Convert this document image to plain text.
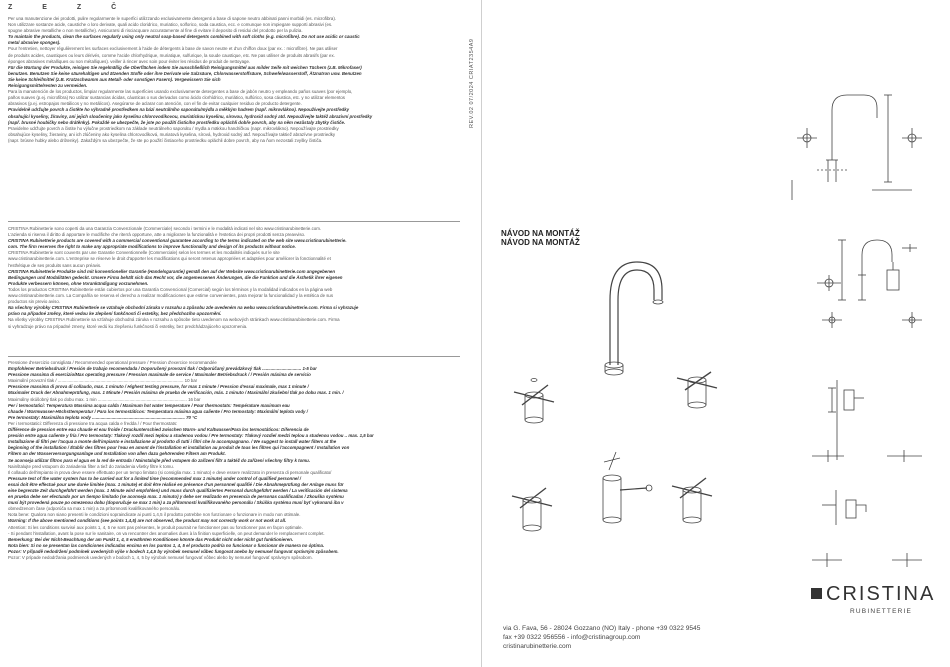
Z	E	Z	Č

Per una manutenzione dei prodotti, pulire regolarmente le superfici utilizzando esclusivamente detergenti a base di sapone neutro abbinati panni morbidi (es. microfibra).

Non utilizzare sostanze acide, caustiche o loro derivate, quali acido cloridrico, muriatico, solforico, soda caustica, ecc. e comunque non impiegare supporti abrasivi (es.

spugne abrasive metalliche o non metalliche). Assicurarsi di risciacquare accuratamente al fine di evitare il deposito di residui del prodotto per la pulizia.

To maintain the products, clean the surfaces regularly using only neutral soap-based detergents combined with soft cloths (e.g. microfibre). Do not use acidic or caustic

metal abrasive sponges).

Pour l'entretien, nettoyer régulièrement les surfaces exclusivement à l'aide de détergents à base de savon neutre et d'un chiffon doux (par ex. : microfibre). Ne pas utiliser

de produits acides, caustiques ou leurs dérivés, comme l'acide chlorhydrique, muriatique, sulfurique, la soude caustique, etc. Ne pas utiliser de produits abrasifs (par ex.

éponges abrasives métalliques ou non métalliques). veiller à rincer avec soin pour éviter les résidus de produit de nettoyage.

Für die Wartung der Produkte, reinigen Sie regelmäßig die Oberflächen indem Sie ausschließlich Reinigungsmittel aus milder Seife mit weichen Tüchern (z.B. Mikrofaser)

benutzen. Benutzen Sie keine säurehaltigen und ätzenden Stoffe oder ihre Derivate wie Salzsäure, Chlorwasserstoffsäure, Schwefelwasserstoff, Ätznatron usw. Benutzen

Sie keine Schleifmittel (z.B. Kratzschwamm aus Metall- oder sonstigen Fasern). Vergewissern Sie sich

Reinigungsmittelresten zu vermeiden.

Para la manutención de los productos, limpiar regularmente las superficies usando exclusivamente detergentes a base de jabón neutro y empleando paños suaves (por ejemplo,

paños suaves (p.ej. microfibra) No utilizar sustancias ácidas, cáusticas o sus derivados como ácido clorhídrico, muriático, sulfúrico, sosa cáustica, etc. y no utilizar elementos

abrasivos (p.ej. estropajos metálicos y no metálicos). Asegúrarse de aclarar con atención, con el fin de evitar cualquier residuo de producto detergente.

Pravidelně udržujte povrch a čistěte ho výhradně prostředkem na bázi neutrálního saponátu/mýdla a měkkým hadrem (např. mikrovlákno). Nepoužívejte prostředky

obsahující kyseliny, žíraviny, ani jejich sloučeniny jako kyselinu chlorovodíkovou, muriatickou kyselinu, sírovou, hydroxid sodný atd. Nepoužívejte taktéž abrazivní prostředky

(např. brusné houbičky nebo drátěnky). Pokaždé se ubezpečte, že jste po použití čisticího prostředku opláchli dobře povrch, aby na něm nezůstaly zbytky čističe.

Pravidelne udržujte povrch a čistite ho výlučne prostriedkom na základe neutrálneho saponátu / mydla a mäkkou handričkou (napr. mikrovlákno). Nepoužívajte prostriedky

obsahujúce kyseliny, žieraviny, ani ich zlúčeniny ako kyselina chlorovodíková, muriatová kyselina, sírová, hydroxid sodný atď. Nepoužívajte taktiež abrazívne prostriedky

(napr. brúsne hubky alebo drôtenky). Zakaždým sa ubezpečte, že ste po použití čistiaceho prostriedku opláchli dobre povrch, aby na ňom nezostali zvyšky čističa.

CRISTINA Rubinetterie sono coperti da una Garanzia Convenzionale (Commerciale) secondo i termini e le modalità indicati nel sito www.cristinarubinetterie.com.

L'azienda si riserva il diritto di apportare le modifiche che riterrà opportune, atte a migliorare la funzionalità e l'estetica dei propri prodotti senza preavviso.

CRISTINA Rubinetterie products are covered with a commercial conventional guarantee according to the terms indicated on the web site www.cristinarubinetterie.

com. The firm reserves the right to make any appropriate modifications to improve functionality and design of its products without notice.

CRISTINA Rubinetterie sont couverts par une Garantie Conventionnelle (Commerciale) selon les termes et les modalités indiqués sur le site

www.cristinarubinetterie.com. L'entreprise se réserve le droit d'apporter les modifications qui seront retenus appropriées et adaptées pour améliorer la fonctionnalité et

l'esthétique de ses produits sans aucun préavis.

CRISTINA Rubinetterie Produkte sind mit konventioneller Garantie (Handelsgarantie) gemäß den auf der Website www.cristinarubinetterie.com angegebenen

Bedingungen und Modalitäten gedeckt. Unsere Firma behält sich das Recht vor, die angemessenen Änderungen, die die Funktion und die Ästhetik ihrer eigenen

Produkte verbessern können, ohne Vorankündigung vorzunehmen.

Todos los productos CRISTINA Rubinetterie están cubiertos por una Garantía Convencional (Comercial) según los términos y la modalidad indicados en la página web

www.cristinarubinetterie.com. La Compañía se reserva el derecho a realizar modificaciones que estime convenientes, para mejorar la funcionalidad y la estética de sus

productos sin previo aviso.

Na všechny výrobky CRISTINA Rubinetterie se vztahuje obchodní záruka v rozsahu a způsobu zde uvedeném na webu www.cristinarubinetterie.com. Firma si vyhrazuje

právo na případné změny, které vedou ke zlepšení funkčnosti či estetiky, bez předchozího upozornění.

Na všetky výrobky CRISTINA Rubinetterie sa vzťahuje obchodná záruka v rozsahu a spôsobe tieto uvedenom na webových stránkach www.cristinarubinetterie.com. Firma

si vyhradzuje právo na prípadné zmeny, ktoré vedú ku zlepšeniu funkčnosti či estetiky, bez predchádzajúceho upozornenia.

Pressione d'esercizio consigliata / Recommended operational pressure / Pression d'exercice recommandée

Empfohlener Betriebsdruck / Presión de trabajo recomendada / Doporučený provozní tlak / Odporúčaný prevádzkový tlak ................................ 1-5 bar

Pressione massima di esercizio/Max operating pressure / Pression maximale de service / Maximaler Betriebsdruck / / Presión máxima de servicio

Maximální provozní tlak / ....................................................................................................... 10 bar

Pressione massima di prova di collaudo, max. 1 minuto / Highest testing pressure, for max 1 minute / Pression d'essai maximale, max 1 minute /

Maximaler Druck der Abnahmeprüfung, max. 1 Minute / Presión máxima de prueba de verificación, máx. 1 minuto / Maximální zkušební tlak po dobu max. 1 min. /

Maximálny skúšobný tlak po dobu max. 1 min ......................................................................... 16 bar

Per i termostatici: Temperatura Massima acqua calda / Maximum hot water temperature / Pour thermostats: Température maximum eau

chaude / Warmwasser-Höchsttemperatur / Para los termostáticos: Temperatura máxima agua caliente / Pro termostaty: Maximální teplota vody /

Pre termostaty: Maximálna teplota vody ............................................................................ 70 °C

Per i termostatici: Differenza di pressione tra acqua calda e fredda / / Pour thermostats:

Différence de pression entre eau chaude et eau froide / Druckunterschied zwischen Warm- und Kaltwasser/Para los termostáticos: Diferencia de

presión entre agua caliente y fría / Pro termostaty: Tlakový rozdíl mezi teplou a studenou vodou / Pre termostaty: Tlakový rozdiel medzi teplou a studenou vodou .. max. 1,5 bar

Installazione di filtri per l'acqua a monte dell'impianto e installazione al prodotto di tutti i filtri che lo accompagnano. / We suggest to install water filters at the

beginning of the installation / Établir des filtres pour l'eau en amont de l'installation et installation au produit de tous les filtres qui l'accompagnent / Installation von

Filtern an der Wasserversorgungsanlage und Installation von allen dazu gehörenden Filtern am Produkt.

Se aconseja utilizar filtros para el agua en la red de entrada / Nainstalujte před vstupem do zařízení filtr a taktéž do zařízení všechny filtry k tomu.

Nainštalujte pred vstupom do zariadenia filter a tiež do zariadenia všetky filtre k tomu.

Il collaudo dell'impianto in prova deve essere effettuato per un tempo limitato (si consiglia max. 1 minuto) e deve essere realizzato in presenza di personale qualificato/

Pressure test of the water system has to be carried out for a limited time (recommended max 1 minute) under control of qualified personnel /

essai doit être effectué pour une durée limitée (max. 1 minute) et doit être réalisé en présence d'un personnel qualifié / Die Abnahmeprüfung der Anlage muss für

eine begrenzte Zeit durchgeführt werden (max. 1 Minute wird empfohlen) und muss durch qualifiziertes Personal durchgeführt werden / La verificación del sistema

en prueba debe ser efectuado por un tiempo limitado (se aconseja max. 1 minuto) y debe ser realizado en presencia de personas cualificadas / Zkouška systému

musí být provedená pouze po omezenou dobu (doporučuje se max 1 min) a za přítomnosti kvalifikovaného personálu / Skúška systému musí byť vykonaná iba v

obmedzenom čase (odporúča sa max 1 min) a za prítomnosti kvalifikovaného personálu.

Nota bene: Qualora non siano presenti le condizioni sopraindicate ai punti 1,4,5 il prodotto potrebbe non funzionare o funzionare in modo non ottimale.

Warning: If the above mentioned conditions (see points 1,4,5) are not observed, the product may not correctly work or not work at all.

Attention: Si les conditions susvisé aux points 1, 4, 5 ne sont pas présentes, le produit pourrait ne fonctionner pas ou fonctionner pas en façon optimale.

- Si pendant l'installation, avant la pose sur le sanitaire, on va rencontrer des anomalies dues à la finition superficielle, on peut demander le remplacement complet.

Bemerkung: Bei der Nicht-Beachtung der am Punkt 1, 4, 5 erwähnten Konditionen könnte das Produkt nicht oder nicht gut funktionieren.

Nota bien: Si no se presentan las condiciones indicadas encima en los puntos 1, 4, 5 el producto podría no funcionar o funcionar de manera no óptima.

Pozor: V případě nedodržení podmínek uvedených výše v bodech 1,4,5 by výrobek nemusel vůbec fungovat anebo by nemusel fungovat správným způsobem.

Pozor: V prípade nedodržania podmienok uvedených v bodoch 1, 4, 5 by výrobok nemusel fungovať vôbec alebo by nemusel fungovať správnym spôsobom.

REV.02 07/2024 CRIAT2354A9
NÁVOD NA MONTÁŽ
NÁVOD NA MONTÁŽ
CRISTINA
RUBINETTERIE
via G. Fava, 56 - 28024 Gozzano (NO) Italy - phone +39 0322 9545
fax +39 0322 956556 - info@cristinagroup.com
cristinarubinetterie.com
